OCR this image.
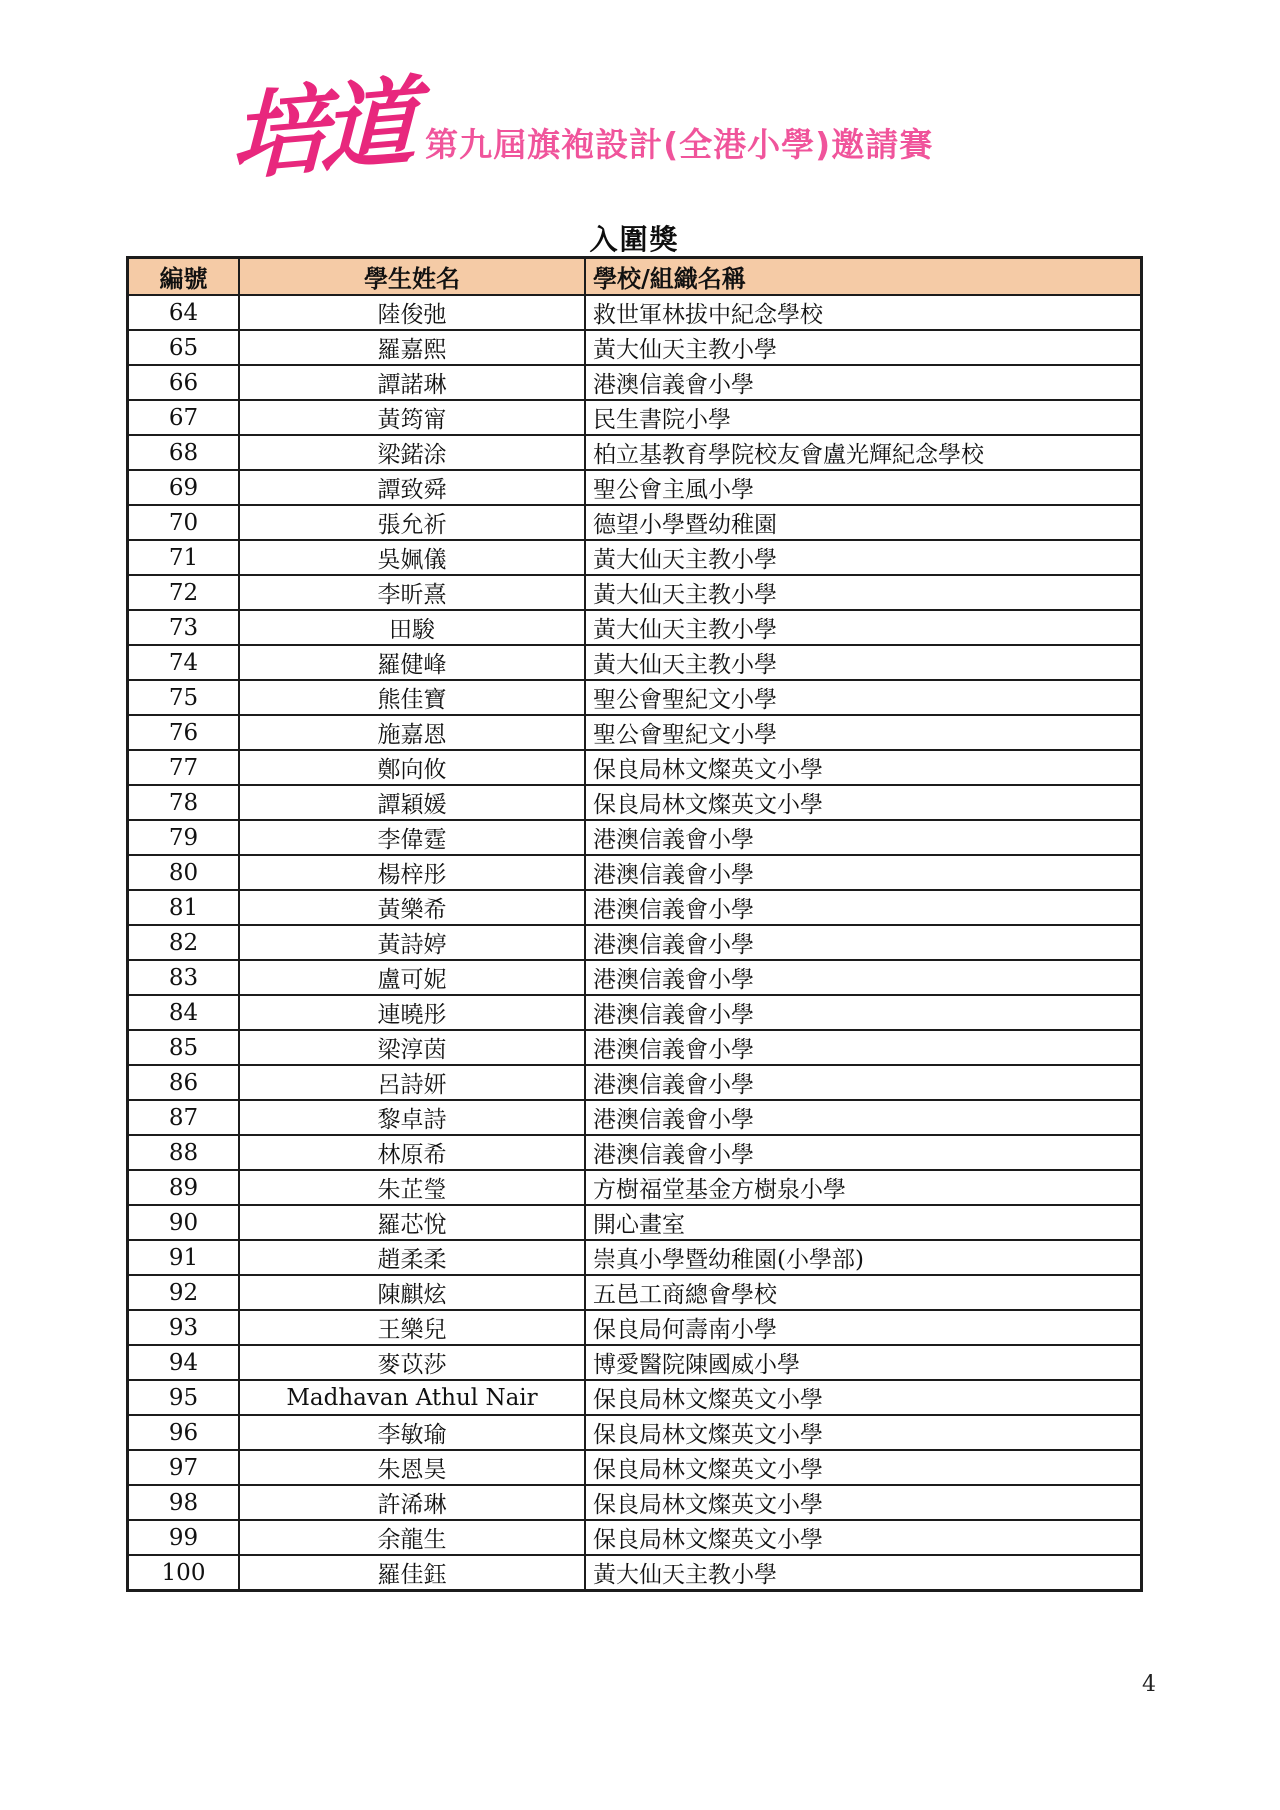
培道 第九屆旗袍設計(全港小學)邀請賽
入圍獎
編號	學生姓名	學校/組織名稱
64	陸俊弛	救世軍林拔中紀念學校
65	羅嘉熙	黃大仙天主教小學
66	譚諾琳	港澳信義會小學
67	黃筠甯	民生書院小學
68	梁鍩涂	柏立基教育學院校友會盧光輝紀念學校
69	譚致舜	聖公會主風小學
70	張允祈	德望小學暨幼稚園
71	吳姵儀	黃大仙天主教小學
72	李昕熹	黃大仙天主教小學
73	田駿	黃大仙天主教小學
74	羅健峰	黃大仙天主教小學
75	熊佳寶	聖公會聖紀文小學
76	施嘉恩	聖公會聖紀文小學
77	鄭向攸	保良局林文燦英文小學
78	譚穎媛	保良局林文燦英文小學
79	李偉霆	港澳信義會小學
80	楊梓彤	港澳信義會小學
81	黃樂希	港澳信義會小學
82	黃詩婷	港澳信義會小學
83	盧可妮	港澳信義會小學
84	連曉彤	港澳信義會小學
85	梁淳茵	港澳信義會小學
86	呂詩妍	港澳信義會小學
87	黎卓詩	港澳信義會小學
88	林原希	港澳信義會小學
89	朱芷瑩	方樹福堂基金方樹泉小學
90	羅芯悅	開心畫室
91	趙柔柔	崇真小學暨幼稚園(小學部)
92	陳麒炫	五邑工商總會學校
93	王樂兒	保良局何壽南小學
94	麥苡莎	博愛醫院陳國威小學
95	Madhavan Athul Nair	保良局林文燦英文小學
96	李敏瑜	保良局林文燦英文小學
97	朱恩昊	保良局林文燦英文小學
98	許浠琳	保良局林文燦英文小學
99	余龍生	保良局林文燦英文小學
100	羅佳鈺	黃大仙天主教小學
4
